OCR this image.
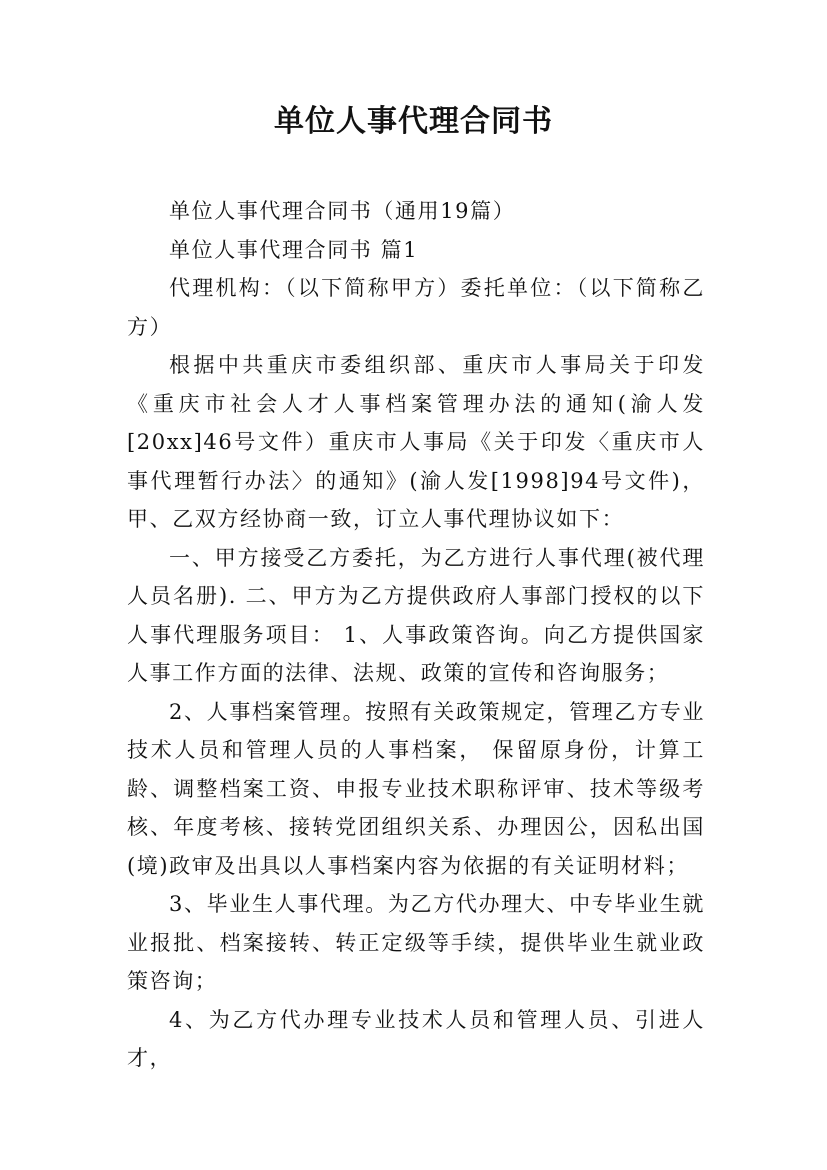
单位人事代理合同书

单位人事代理合同书（通用19篇）

单位人事代理合同书 篇1

代理机构：（以下简称甲方）委托单位：（以下简称乙方）

根据中共重庆市委组织部、重庆市人事局关于印发《重庆市社会人才人事档案管理办法的通知(渝人发[20xx]46号文件）重庆市人事局《关于印发〈重庆市人事代理暂行办法〉的通知》(渝人发[1998]94号文件)，甲、乙双方经协商一致，订立人事代理协议如下：

一、甲方接受乙方委托，为乙方进行人事代理(被代理人员名册). 二、甲方为乙方提供政府人事部门授权的以下人事代理服务项目： 1、人事政策咨询。向乙方提供国家人事工作方面的法律、法规、政策的宣传和咨询服务；

2、人事档案管理。按照有关政策规定，管理乙方专业技术人员和管理人员的人事档案， 保留原身份，计算工龄、调整档案工资、申报专业技术职称评审、技术等级考核、年度考核、接转党团组织关系、办理因公，因私出国(境)政审及出具以人事档案内容为依据的有关证明材料；

3、毕业生人事代理。为乙方代办理大、中专毕业生就业报批、档案接转、转正定级等手续，提供毕业生就业政策咨询；

4、为乙方代办理专业技术人员和管理人员、引进人才，
